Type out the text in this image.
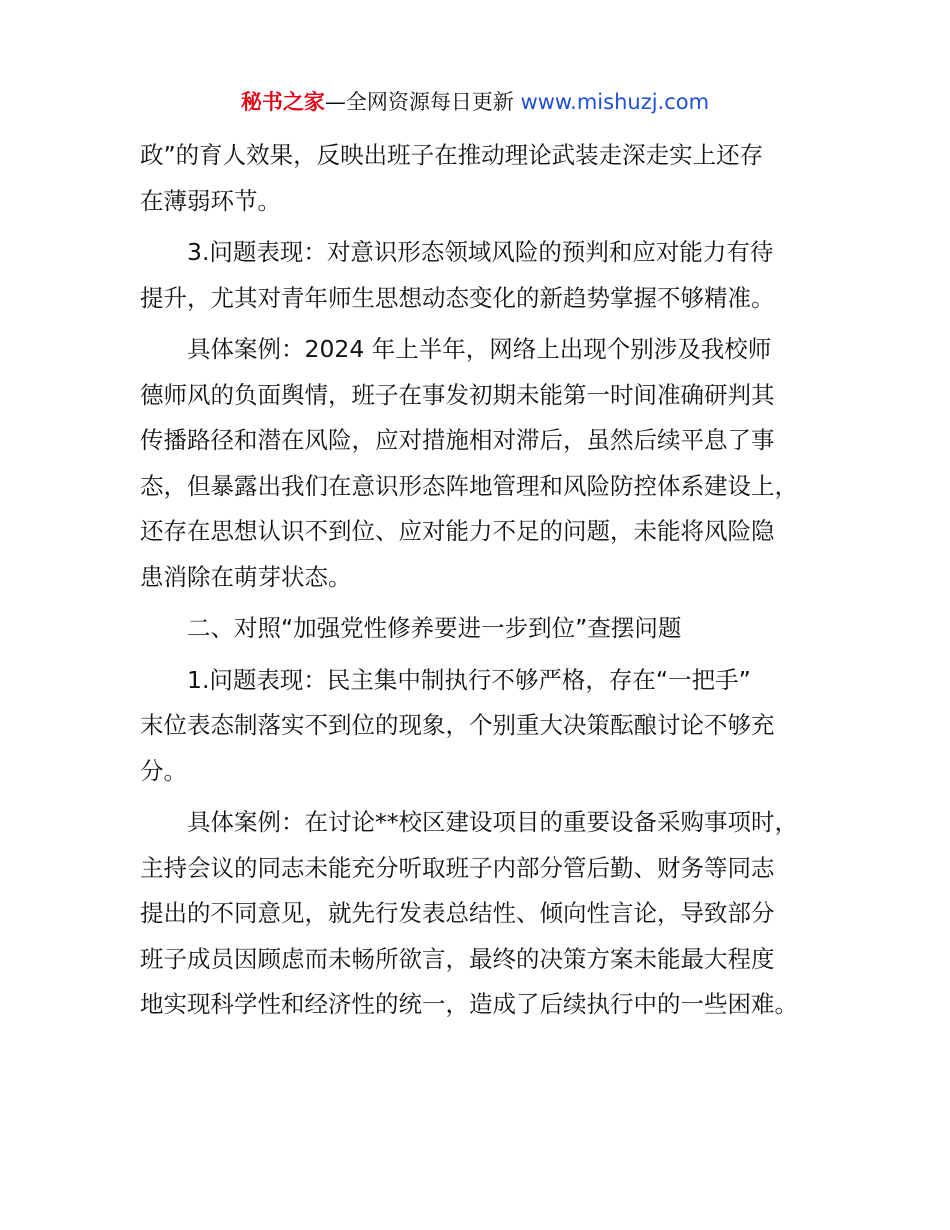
秘书之家—全网资源每日更新 www.mishuzj.com
政”的育人效果，反映出班子在推动理论武装走深走实上还存
在薄弱环节。
3.问题表现：对意识形态领域风险的预判和应对能力有待
提升，尤其对青年师生思想动态变化的新趋势掌握不够精准。
具体案例：2024 年上半年，网络上出现个别涉及我校师
德师风的负面舆情，班子在事发初期未能第一时间准确研判其
传播路径和潜在风险，应对措施相对滞后，虽然后续平息了事
态，但暴露出我们在意识形态阵地管理和风险防控体系建设上，
还存在思想认识不到位、应对能力不足的问题，未能将风险隐
患消除在萌芽状态。
二、对照“加强党性修养要进一步到位”查摆问题
1.问题表现：民主集中制执行不够严格，存在“一把手”
末位表态制落实不到位的现象，个别重大决策酝酿讨论不够充
分。
具体案例：在讨论**校区建设项目的重要设备采购事项时，
主持会议的同志未能充分听取班子内部分管后勤、财务等同志
提出的不同意见，就先行发表总结性、倾向性言论，导致部分
班子成员因顾虑而未畅所欲言，最终的决策方案未能最大程度
地实现科学性和经济性的统一，造成了后续执行中的一些困难。
